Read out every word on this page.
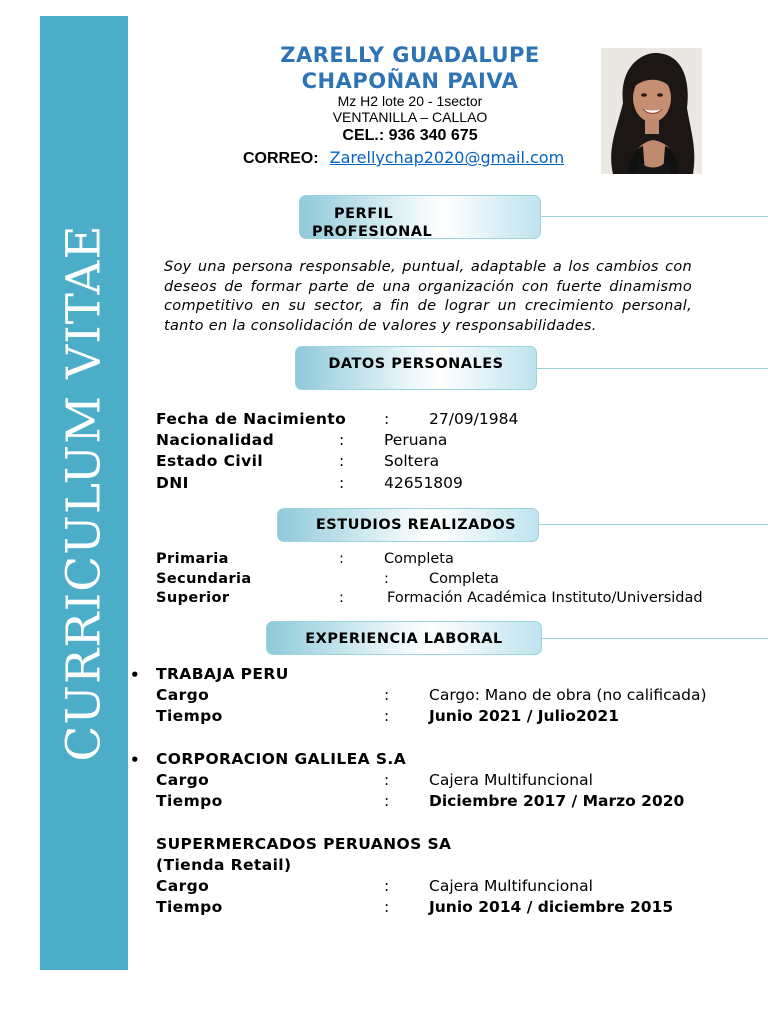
CURRICULUM VITAE
ZARELLY GUADALUPE
CHAPOÑAN PAIVA
Mz H2 lote 20 - 1sector
VENTANILLA – CALLAO
CEL.: 936 340 675
CORREO: Zarellychap2020@gmail.com
PERFIL
PROFESIONAL
Soy una persona responsable, puntual, adaptable a los cambios con deseos de formar parte de una organización con fuerte dinamismo competitivo en su sector, a fin de lograr un crecimiento personal, tanto en la consolidación de valores y responsabilidades.
DATOS PERSONALES
Fecha de Nacimiento :	27/09/1984
Nacionalidad	:	Peruana
Estado Civil	:	Soltera
DNI	:	42651809
ESTUDIOS REALIZADOS
Primaria	:	Completa
Secundaria	:	Completa
Superior	:	Formación Académica Instituto/Universidad
EXPERIENCIA LABORAL
• TRABAJA PERU
Cargo	:	Cargo: Mano de obra (no calificada)
Tiempo	:	Junio 2021 / Julio2021
• CORPORACION GALILEA S.A
Cargo	:	Cajera Multifuncional
Tiempo	:	Diciembre 2017 / Marzo 2020
SUPERMERCADOS PERUANOS SA
(Tienda Retail)
Cargo	:	Cajera Multifuncional
Tiempo	:	Junio 2014 / diciembre 2015
